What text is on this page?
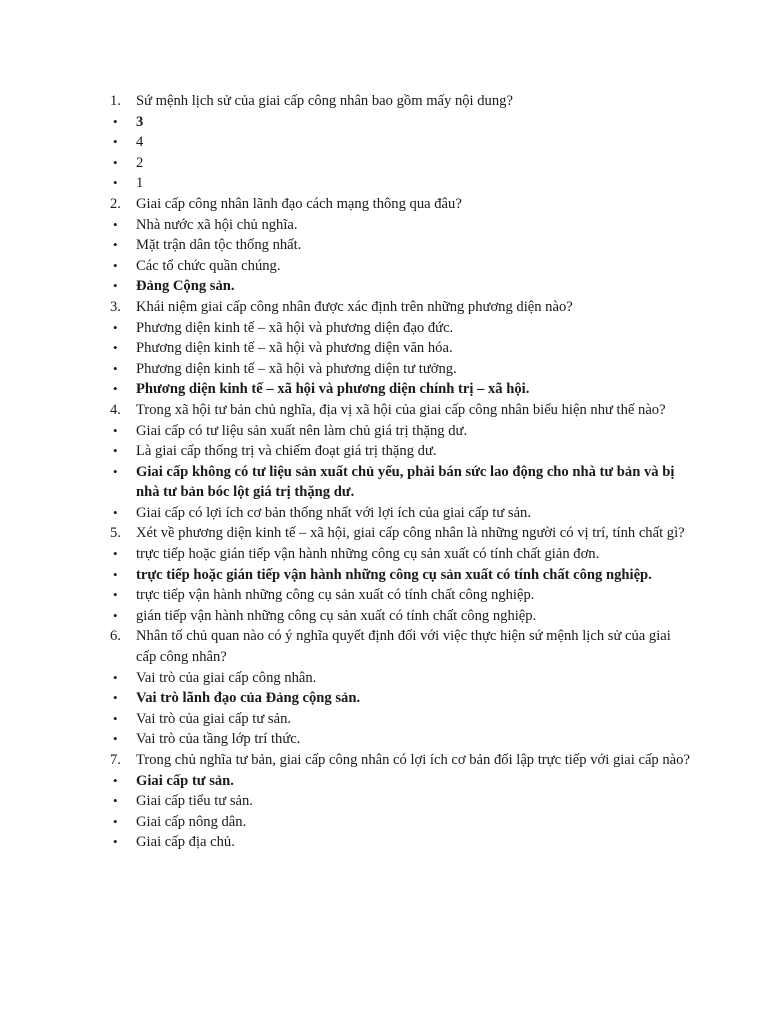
1.	Sứ mệnh lịch sử của giai cấp công nhân bao gồm mấy nội dung?
•	3
•	4
•	2
•	1
2.	Giai cấp công nhân lãnh đạo cách mạng thông qua đâu?
•	Nhà nước xã hội chủ nghĩa.
•	Mặt trận dân tộc thống nhất.
•	Các tổ chức quần chúng.
•	Đảng Cộng sản.
3.	Khái niệm giai cấp công nhân được xác định trên những phương diện nào?
•	Phương diện kinh tế – xã hội và phương diện đạo đức.
•	Phương diện kinh tế – xã hội và phương diện văn hóa.
•	Phương diện kinh tế – xã hội và phương diện tư tưởng.
•	Phương diện kinh tế – xã hội và phương diện chính trị – xã hội.
4.	Trong xã hội tư bản chủ nghĩa, địa vị xã hội của giai cấp công nhân biểu hiện như thế nào?
•	Giai cấp có tư liệu sản xuất nên làm chủ giá trị thặng dư.
•	Là giai cấp thống trị và chiếm đoạt giá trị thặng dư.
•	Giai cấp không có tư liệu sản xuất chủ yếu, phải bán sức lao động cho nhà tư bản và bị nhà tư bản bóc lột giá trị thặng dư.
•	Giai cấp có lợi ích cơ bản thống nhất với lợi ích của giai cấp tư sản.
5.	Xét về phương diện kinh tế – xã hội, giai cấp công nhân là những người có vị trí, tính chất gì?
•	trực tiếp hoặc gián tiếp vận hành những công cụ sản xuất có tính chất giản đơn.
•	trực tiếp hoặc gián tiếp vận hành những công cụ sản xuất có tính chất công nghiệp.
•	trực tiếp vận hành những công cụ sản xuất có tính chất công nghiệp.
•	gián tiếp vận hành những công cụ sản xuất có tính chất công nghiệp.
6.	Nhân tố chủ quan nào có ý nghĩa quyết định đối với việc thực hiện sứ mệnh lịch sử của giai cấp công nhân?
•	Vai trò của giai cấp công nhân.
•	Vai trò lãnh đạo của Đảng cộng sản.
•	Vai trò của giai cấp tư sản.
•	Vai trò của tầng lớp trí thức.
7.	Trong chủ nghĩa tư bản, giai cấp công nhân có lợi ích cơ bản đối lập trực tiếp với giai cấp nào?
•	Giai cấp tư sản.
•	Giai cấp tiểu tư sản.
•	Giai cấp nông dân.
•	Giai cấp địa chủ.
